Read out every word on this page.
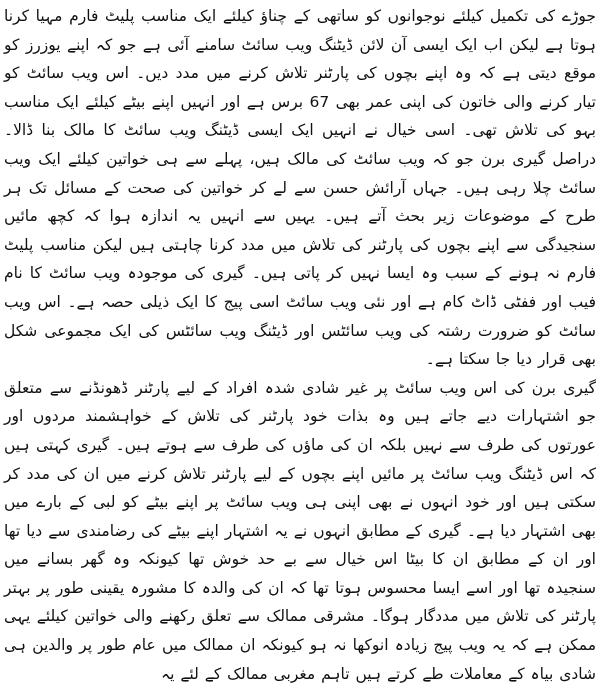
جوڑے کی تکمیل کیلئے نوجوانوں کو ساتھی کے چناؤ کیلئے ایک مناسب پلیٹ فارم مہیا کرنا ہوتا ہے لیکن اب ایک ایسی آن لائن ڈیٹنگ ویب سائٹ سامنے آئی ہے جو کہ اپنے یوزرز کو موقع دیتی ہے کہ وہ اپنے بچوں کی پارٹنر تلاش کرنے میں مدد دیں۔ اس ویب سائٹ کو تیار کرنے والی خاتون کی اپنی عمر بھی 67 برس ہے اور انہیں اپنے بیٹے کیلئے ایک مناسب بہو کی تلاش تھی۔ اسی خیال نے انہیں ایک ایسی ڈیٹنگ ویب سائٹ کا مالک بنا ڈالا۔ دراصل گیری برن جو کہ ویب سائٹ کی مالک ہیں، پہلے سے ہی خواتین کیلئے ایک ویب سائٹ چلا رہی ہیں۔ جہاں آرائش حسن سے لے کر خواتین کی صحت کے مسائل تک ہر طرح کے موضوعات زیر بحث آتے ہیں۔ یہیں سے انہیں یہ اندازہ ہوا کہ کچھ مائیں سنجیدگی سے اپنے بچوں کی پارٹنر کی تلاش میں مدد کرنا چاہتی ہیں لیکن مناسب پلیٹ فارم نہ ہونے کے سبب وہ ایسا نہیں کر پاتی ہیں۔ گیری کی موجودہ ویب سائٹ کا نام فیب اور ففٹی ڈاٹ کام ہے اور نئی ویب سائٹ اسی پیج کا ایک ذیلی حصہ ہے۔ اس ویب سائٹ کو ضرورت رشتہ کی ویب سائٹس اور ڈیٹنگ ویب سائٹس کی ایک مجموعی شکل بھی قرار دیا جا سکتا ہے۔

گیری برن کی اس ویب سائٹ پر غیر شادی شدہ افراد کے لیے پارٹنر ڈھونڈنے سے متعلق جو اشتہارات دیے جاتے ہیں وہ بذات خود پارٹنر کی تلاش کے خواہشمند مردوں اور عورتوں کی طرف سے نہیں بلکہ ان کی ماؤں کی طرف سے ہوتے ہیں۔ گیری کہتی ہیں کہ اس ڈیٹنگ ویب سائٹ پر مائیں اپنے بچوں کے لیے پارٹنر تلاش کرنے میں ان کی مدد کر سکتی ہیں اور خود انہوں نے بھی اپنی ہی ویب سائٹ پر اپنے بیٹے کو لبی کے بارے میں بھی اشتہار دیا ہے۔ گیری کے مطابق انہوں نے یہ اشتہار اپنے بیٹے کی رضامندی سے دیا تھا اور ان کے مطابق ان کا بیٹا اس خیال سے بے حد خوش تھا کیونکہ وہ گھر بسانے میں سنجیدہ تھا اور اسے ایسا محسوس ہوتا تھا کہ ان کی والدہ کا مشورہ یقینی طور پر بہتر پارٹنر کی تلاش میں مددگار ہوگا۔ مشرقی ممالک سے تعلق رکھنے والی خواتین کیلئے یہی ممکن ہے کہ یہ ویب پیج زیادہ انوکھا نہ ہو کیونکہ ان ممالک میں عام طور پر والدین ہی شادی بیاہ کے معاملات طے کرتے ہیں تاہم مغربی ممالک کے لئے یہ
